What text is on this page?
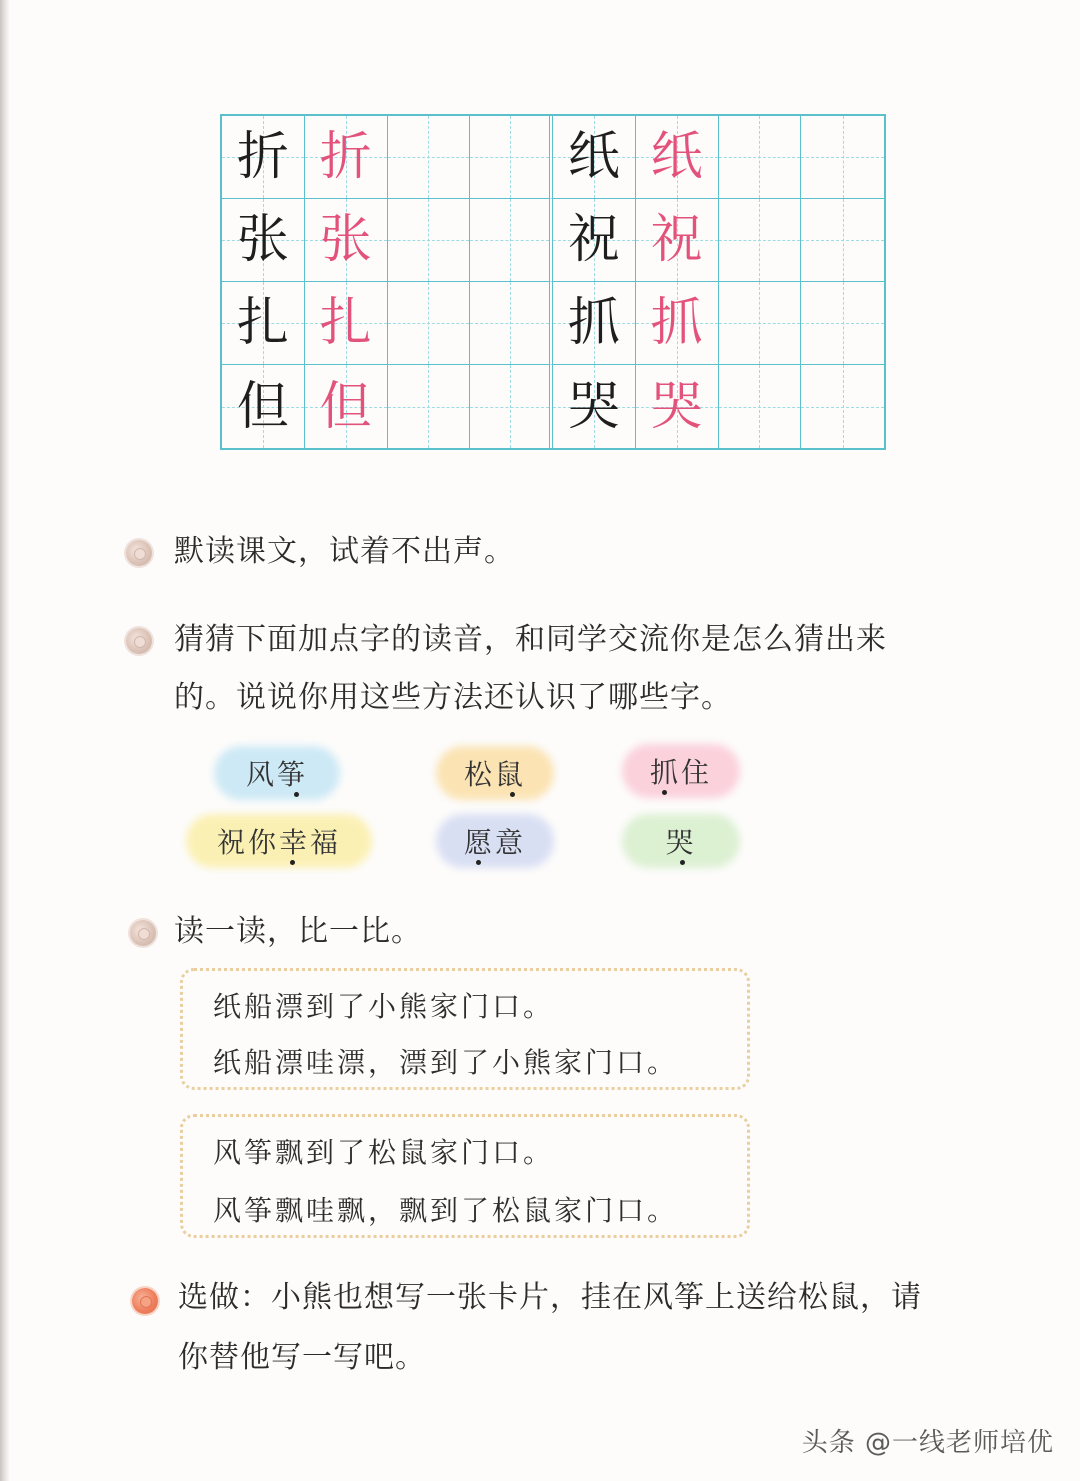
折 折	纸 纸
张 张	祝 祝
扎 扎	抓 抓
但 但	哭 哭
默读课文，试着不出声。
猜猜下面加点字的读音，和同学交流你是怎么猜出来
的。说说你用这些方法还认识了哪些字。
风筝	松鼠	抓住
祝你幸福	愿意	哭
读一读，比一比。
纸船漂到了小熊家门口。
纸船漂哇漂，漂到了小熊家门口。
风筝飘到了松鼠家门口。
风筝飘哇飘，飘到了松鼠家门口。
选做：小熊也想写一张卡片，挂在风筝上送给松鼠，请
你替他写一写吧。
头条 @一线老师培优
